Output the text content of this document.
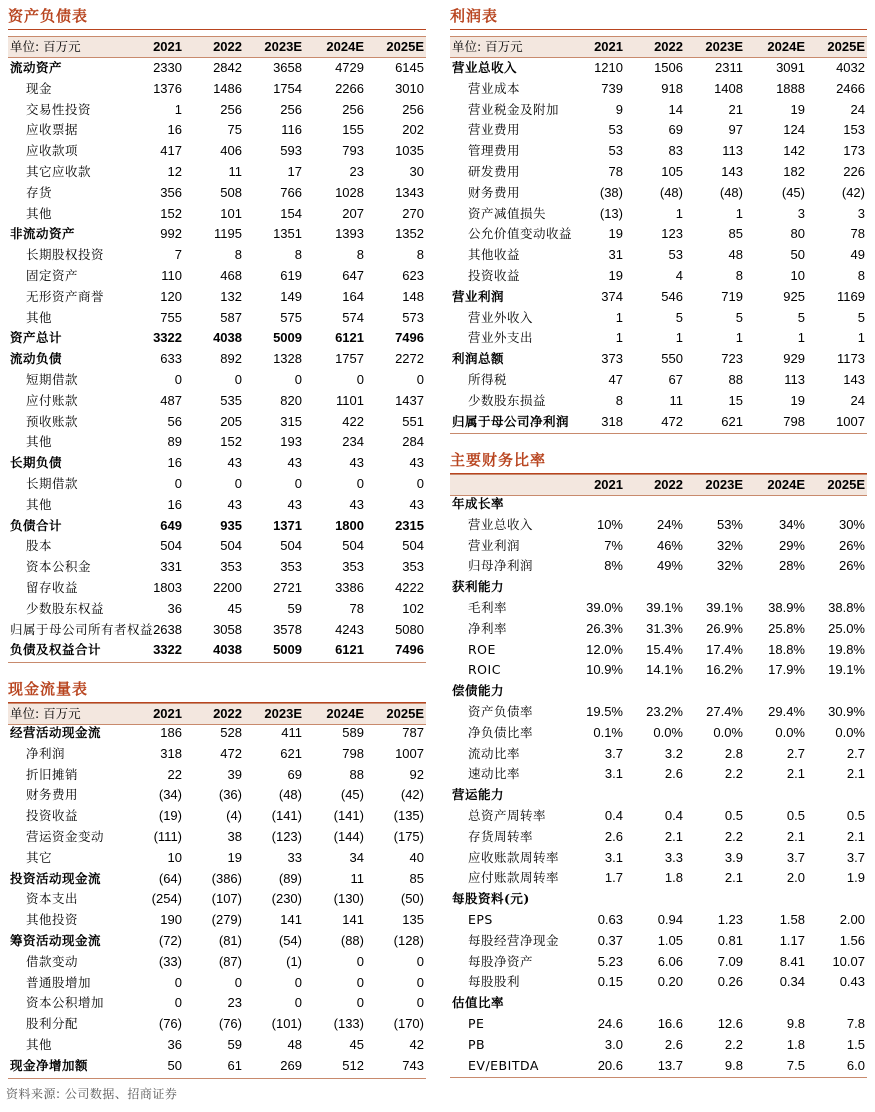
资产负债表
单位: 百万元	2021	2022	2023E	2024E	2025E
流动资产	2330	2842	3658	4729	6145
现金	1376	1486	1754	2266	3010
交易性投资	1	256	256	256	256
应收票据	16	75	116	155	202
应收款项	417	406	593	793	1035
其它应收款	12	11	17	23	30
存货	356	508	766	1028	1343
其他	152	101	154	207	270
非流动资产	992	1195	1351	1393	1352
长期股权投资	7	8	8	8	8
固定资产	110	468	619	647	623
无形资产商誉	120	132	149	164	148
其他	755	587	575	574	573
资产总计	3322	4038	5009	6121	7496
流动负债	633	892	1328	1757	2272
短期借款	0	0	0	0	0
应付账款	487	535	820	1101	1437
预收账款	56	205	315	422	551
其他	89	152	193	234	284
长期负债	16	43	43	43	43
长期借款	0	0	0	0	0
其他	16	43	43	43	43
负债合计	649	935	1371	1800	2315
股本	504	504	504	504	504
资本公积金	331	353	353	353	353
留存收益	1803	2200	2721	3386	4222
少数股东权益	36	45	59	78	102
归属于母公司所有者权益 2638	3058	3578	4243	5080
负债及权益合计	3322	4038	5009	6121	7496
现金流量表
单位: 百万元	2021	2022	2023E	2024E	2025E
经营活动现金流	186	528	411	589	787
净利润	318	472	621	798	1007
折旧摊销	22	39	69	88	92
财务费用	(34)	(36)	(48)	(45)	(42)
投资收益	(19)	(4)	(141)	(141)	(135)
营运资金变动	(111)	38	(123)	(144)	(175)
其它	10	19	33	34	40
投资活动现金流	(64)	(386)	(89)	11	85
资本支出	(254)	(107)	(230)	(130)	(50)
其他投资	190	(279)	141	141	135
筹资活动现金流	(72)	(81)	(54)	(88)	(128)
借款变动	(33)	(87)	(1)	0	0
普通股增加	0	0	0	0	0
资本公积增加	0	23	0	0	0
股利分配	(76)	(76)	(101)	(133)	(170)
其他	36	59	48	45	42
现金净增加额	50	61	269	512	743
利润表
单位: 百万元	2021	2022	2023E	2024E	2025E
营业总收入	1210	1506	2311	3091	4032
营业成本	739	918	1408	1888	2466
营业税金及附加	9	14	21	19	24
营业费用	53	69	97	124	153
管理费用	53	83	113	142	173
研发费用	78	105	143	182	226
财务费用	(38)	(48)	(48)	(45)	(42)
资产减值损失	(13)	1	1	3	3
公允价值变动收益	19	123	85	80	78
其他收益	31	53	48	50	49
投资收益	19	4	8	10	8
营业利润	374	546	719	925	1169
营业外收入	1	5	5	5	5
营业外支出	1	1	1	1	1
利润总额	373	550	723	929	1173
所得税	47	67	88	113	143
少数股东损益	8	11	15	19	24
归属于母公司净利润	318	472	621	798	1007
主要财务比率
2021	2022	2023E	2024E	2025E
年成长率
营业总收入	10%	24%	53%	34%	30%
营业利润	7%	46%	32%	29%	26%
归母净利润	8%	49%	32%	28%	26%
获利能力
毛利率	39.0%	39.1%	39.1%	38.9%	38.8%
净利率	26.3%	31.3%	26.9%	25.8%	25.0%
ROE	12.0%	15.4%	17.4%	18.8%	19.8%
ROIC	10.9%	14.1%	16.2%	17.9%	19.1%
偿债能力
资产负债率	19.5%	23.2%	27.4%	29.4%	30.9%
净负债比率	0.1%	0.0%	0.0%	0.0%	0.0%
流动比率	3.7	3.2	2.8	2.7	2.7
速动比率	3.1	2.6	2.2	2.1	2.1
营运能力
总资产周转率	0.4	0.4	0.5	0.5	0.5
存货周转率	2.6	2.1	2.2	2.1	2.1
应收账款周转率	3.1	3.3	3.9	3.7	3.7
应付账款周转率	1.7	1.8	2.1	2.0	1.9
每股资料(元)
EPS	0.63	0.94	1.23	1.58	2.00
每股经营净现金	0.37	1.05	0.81	1.17	1.56
每股净资产	5.23	6.06	7.09	8.41	10.07
每股股利	0.15	0.20	0.26	0.34	0.43
估值比率
PE	24.6	16.6	12.6	9.8	7.8
PB	3.0	2.6	2.2	1.8	1.5
EV/EBITDA	20.6	13.7	9.8	7.5	6.0
资料来源: 公司数据、招商证券
